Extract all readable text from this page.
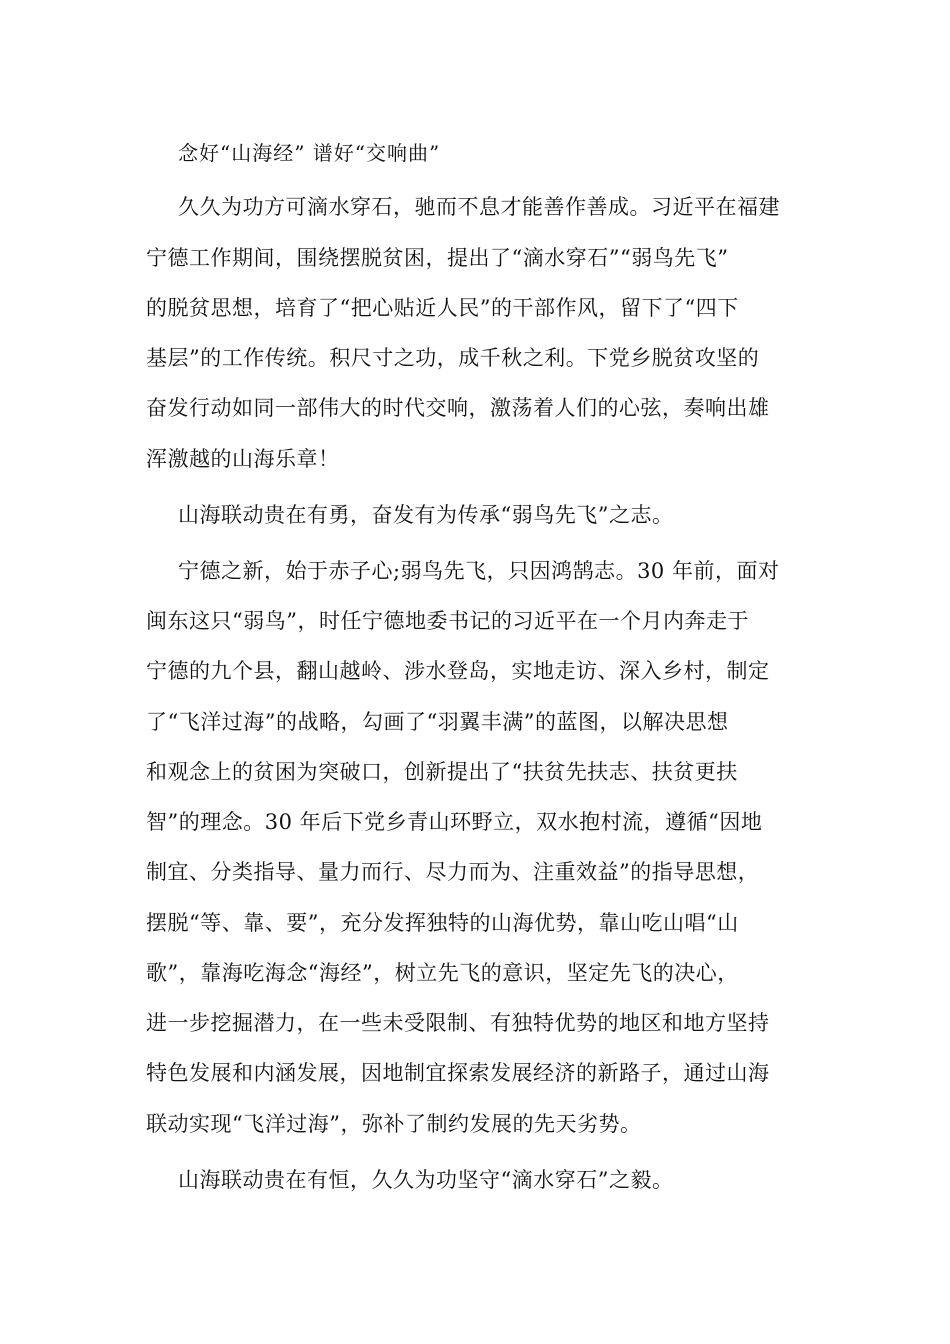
念好“山海经” 谱好“交响曲”
久久为功方可滴水穿石，驰而不息才能善作善成。习近平在福建
宁德工作期间，围绕摆脱贫困，提出了“滴水穿石”“弱鸟先飞”
的脱贫思想，培育了“把心贴近人民”的干部作风，留下了“四下
基层”的工作传统。积尺寸之功，成千秋之利。下党乡脱贫攻坚的
奋发行动如同一部伟大的时代交响，激荡着人们的心弦，奏响出雄
浑激越的山海乐章！
山海联动贵在有勇，奋发有为传承“弱鸟先飞”之志。
宁德之新，始于赤子心;弱鸟先飞，只因鸿鹄志。30 年前，面对
闽东这只“弱鸟”，时任宁德地委书记的习近平在一个月内奔走于
宁德的九个县，翻山越岭、涉水登岛，实地走访、深入乡村，制定
了“飞洋过海”的战略，勾画了“羽翼丰满”的蓝图，以解决思想
和观念上的贫困为突破口，创新提出了“扶贫先扶志、扶贫更扶
智”的理念。30 年后下党乡青山环野立，双水抱村流，遵循“因地
制宜、分类指导、量力而行、尽力而为、注重效益”的指导思想，
摆脱“等、靠、要”，充分发挥独特的山海优势，靠山吃山唱“山
歌”，靠海吃海念“海经”，树立先飞的意识，坚定先飞的决心，
进一步挖掘潜力，在一些未受限制、有独特优势的地区和地方坚持
特色发展和内涵发展，因地制宜探索发展经济的新路子，通过山海
联动实现“飞洋过海”，弥补了制约发展的先天劣势。
山海联动贵在有恒，久久为功坚守“滴水穿石”之毅。
